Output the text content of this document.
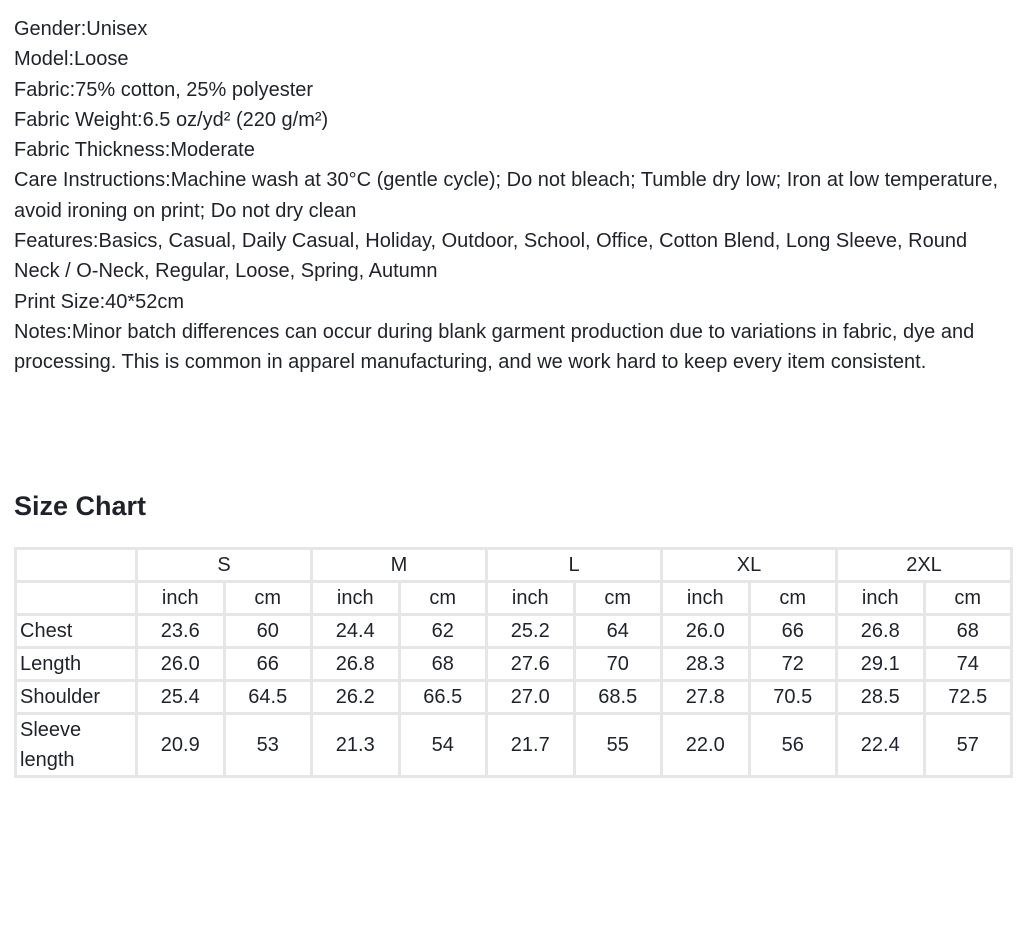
Gender:Unisex

Model:Loose

Fabric:75% cotton, 25% polyester

Fabric Weight:6.5 oz/yd² (220 g/m²)

Fabric Thickness:Moderate

Care Instructions:Machine wash at 30°C (gentle cycle); Do not bleach; Tumble dry low; Iron at low temperature, avoid ironing on print; Do not dry clean

Features:Basics, Casual, Daily Casual, Holiday, Outdoor, School, Office, Cotton Blend, Long Sleeve, Round Neck / O-Neck, Regular, Loose, Spring, Autumn

Print Size:40*52cm

Notes:Minor batch differences can occur during blank garment production due to variations in fabric, dye and processing. This is common in apparel manufacturing, and we work hard to keep every item consistent.

Size Chart
	S		M		L		XL		2XL	
	inch	cm	inch	cm	inch	cm	inch	cm	inch	cm
Chest	23.6	60	24.4	62	25.2	64	26.0	66	26.8	68
Length	26.0	66	26.8	68	27.6	70	28.3	72	29.1	74
Shoulder	25.4	64.5	26.2	66.5	27.0	68.5	27.8	70.5	28.5	72.5
Sleeve length	20.9	53	21.3	54	21.7	55	22.0	56	22.4	57
